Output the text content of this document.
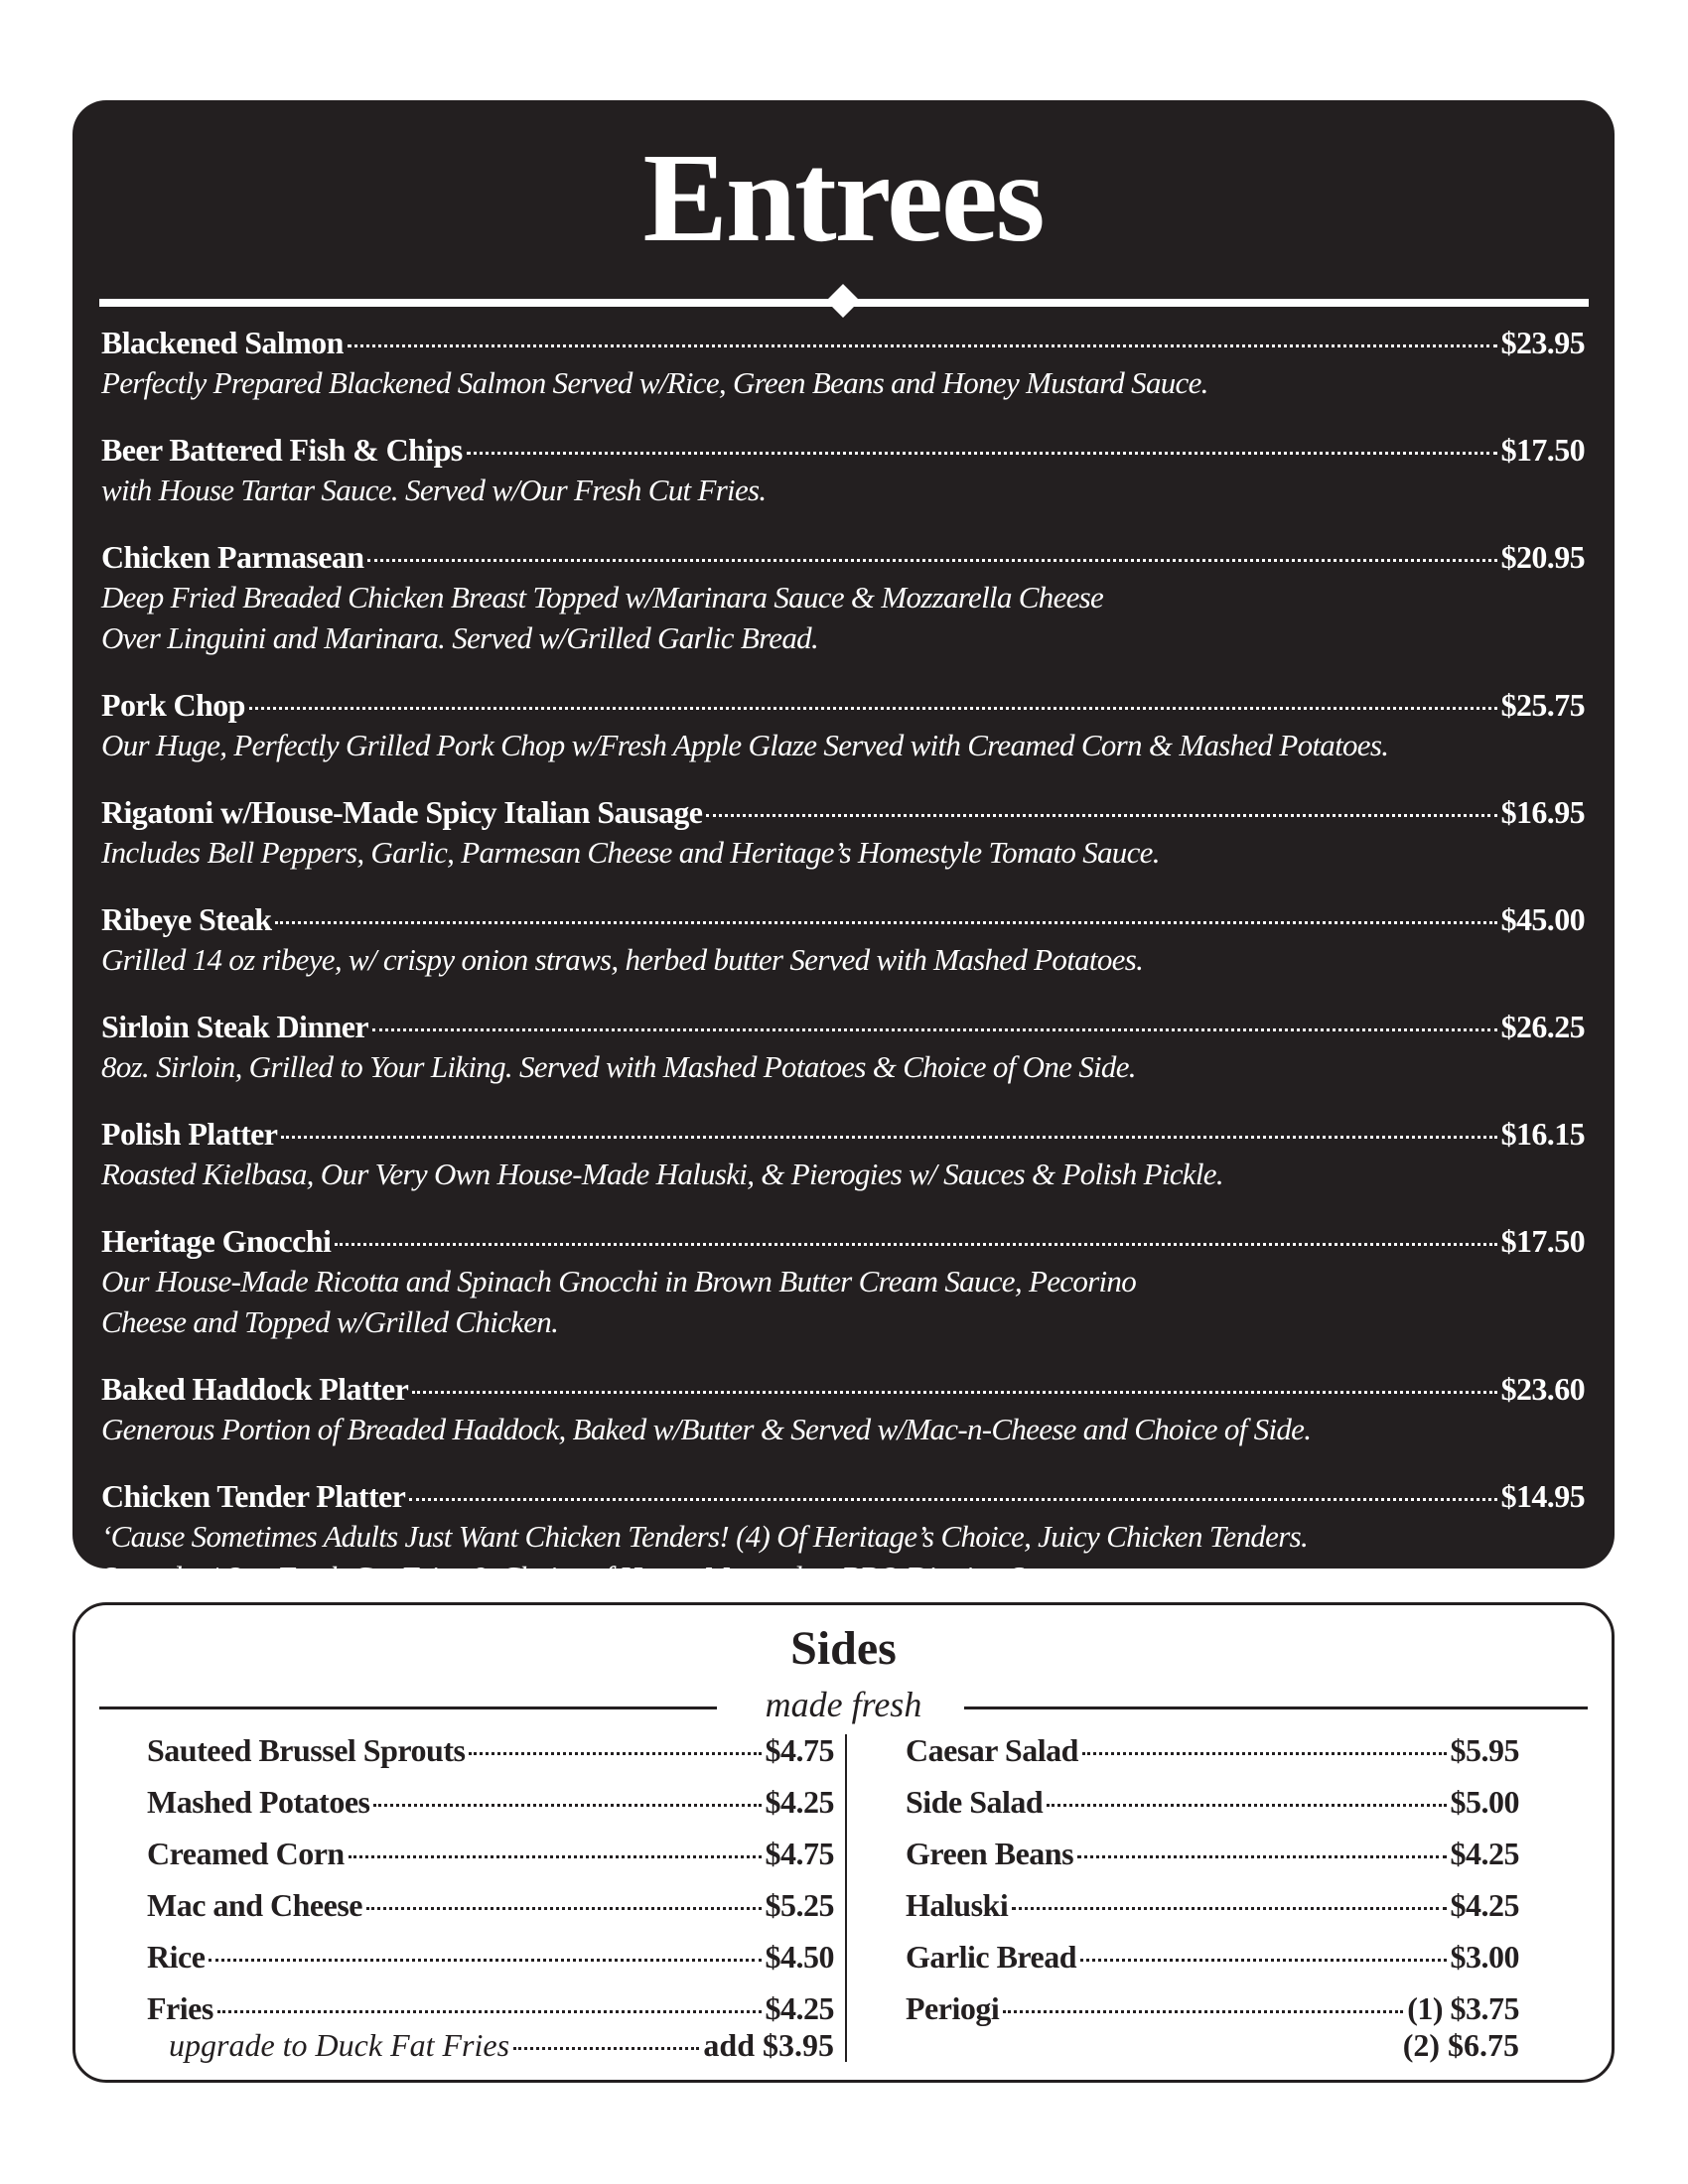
Entrees
Blackened Salmon	$23.95
Perfectly Prepared Blackened Salmon Served w/Rice, Green Beans and Honey Mustard Sauce.
Beer Battered Fish & Chips	$17.50
with House Tartar Sauce. Served w/Our Fresh Cut Fries.
Chicken Parmasean	$20.95
Deep Fried Breaded Chicken Breast Topped w/Marinara Sauce & Mozzarella Cheese
Over Linguini and Marinara. Served w/Grilled Garlic Bread.
Pork Chop	$25.75
Our Huge, Perfectly Grilled Pork Chop w/Fresh Apple Glaze Served with Creamed Corn & Mashed Potatoes.
Rigatoni w/House-Made Spicy Italian Sausage	$16.95
Includes Bell Peppers, Garlic, Parmesan Cheese and Heritage’s Homestyle Tomato Sauce.
Ribeye Steak	$45.00
Grilled 14 oz ribeye, w/ crispy onion straws, herbed butter Served with Mashed Potatoes.
Sirloin Steak Dinner	$26.25
8oz. Sirloin, Grilled to Your Liking. Served with Mashed Potatoes & Choice of One Side.
Polish Platter	$16.15
Roasted Kielbasa, Our Very Own House-Made Haluski, & Pierogies w/ Sauces & Polish Pickle.
Heritage Gnocchi	$17.50
Our House-Made Ricotta and Spinach Gnocchi in Brown Butter Cream Sauce, Pecorino
Cheese and Topped w/Grilled Chicken.
Baked Haddock Platter	$23.60
Generous Portion of Breaded Haddock, Baked w/Butter & Served w/Mac-n-Cheese and Choice of Side.
Chicken Tender Platter	$14.95
‘Cause Sometimes Adults Just Want Chicken Tenders! (4) Of Heritage’s Choice, Juicy Chicken Tenders.
Served w/ Our Fresh Cut Fries & Choice of Honey Mustard or BBQ Dipping Sauce.
Sides
made fresh
Sauteed Brussel Sprouts	$4.75
Mashed Potatoes	$4.25
Creamed Corn	$4.75
Mac and Cheese	$5.25
Rice	$4.50
Fries	$4.25
upgrade to Duck Fat Fries	add $3.95
Caesar Salad	$5.95
Side Salad	$5.00
Green Beans	$4.25
Haluski	$4.25
Garlic Bread	$3.00
Periogi	(1) $3.75
(2) $6.75
